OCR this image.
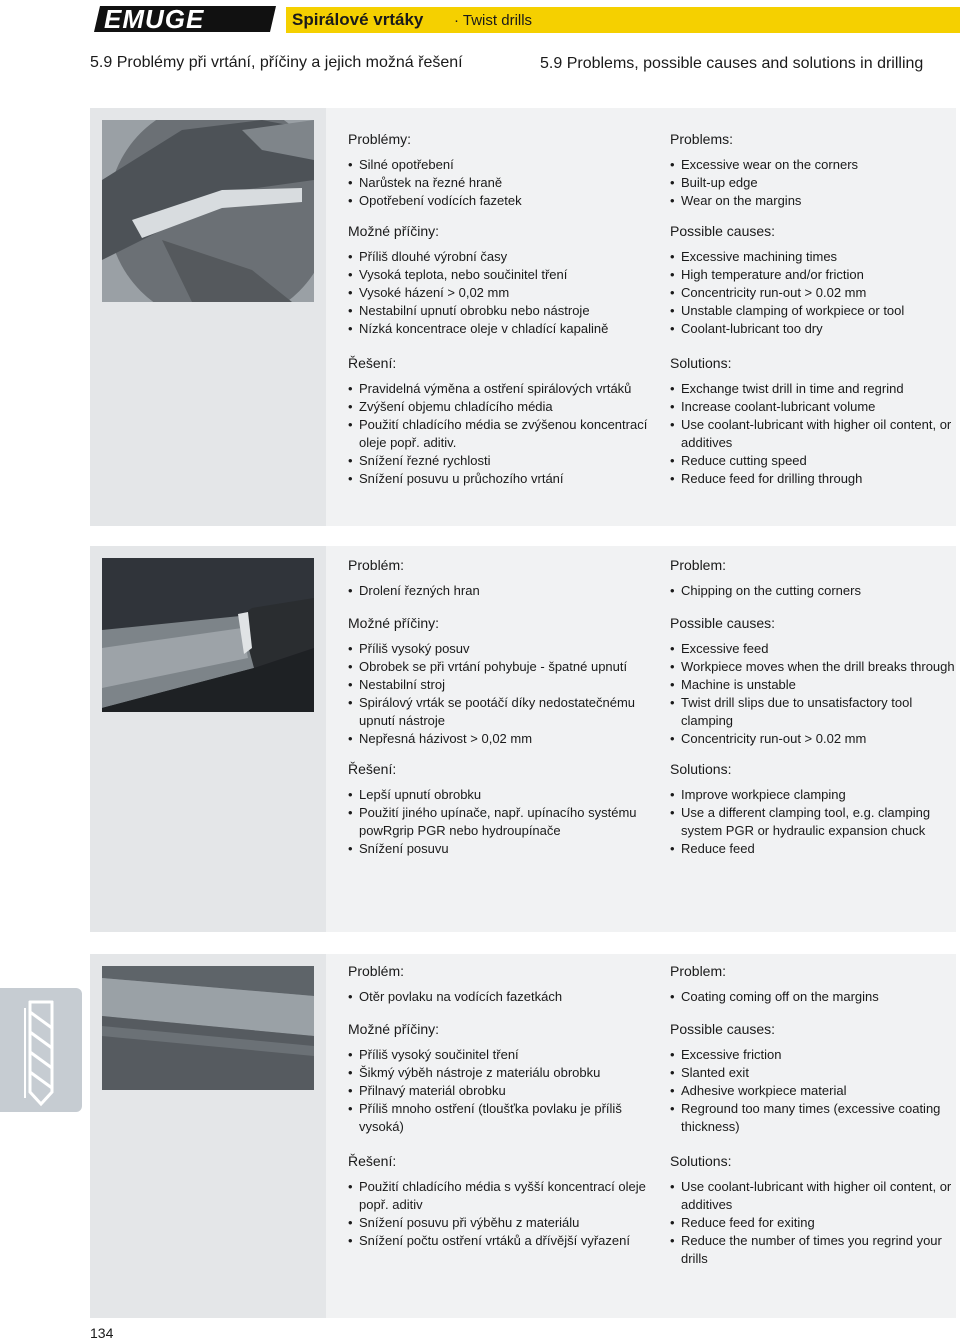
EMUGE	Spirálové vrtáky · Twist drills
5.9 Problémy při vrtání, příčiny a jejich možná řešení	5.9 Problems, possible causes and solutions in drilling
Problémy:
• Silné opotřebení
• Narůstek na řezné hraně
• Opotřebení vodících fazetek
Možné příčiny:
• Příliš dlouhé výrobní časy
• Vysoká teplota, nebo součinitel tření
• Vysoké házení > 0,02 mm
• Nestabilní upnutí obrobku nebo nástroje
• Nízká koncentrace oleje v chladící kapalině
Řešení:
• Pravidelná výměna a ostření spirálových vrtáků
• Zvýšení objemu chladícího média
• Použití chladícího média se zvýšenou koncentrací oleje popř. aditiv.
• Snížení řezné rychlosti
• Snížení posuvu u průchozího vrtání
Problems:
• Excessive wear on the corners
• Built-up edge
• Wear on the margins
Possible causes:
• Excessive machining times
• High temperature and/or friction
• Concentricity run-out > 0.02 mm
• Unstable clamping of workpiece or tool
• Coolant-lubricant too dry
Solutions:
• Exchange twist drill in time and regrind
• Increase coolant-lubricant volume
• Use coolant-lubricant with higher oil content, or additives
• Reduce cutting speed
• Reduce feed for drilling through
Problém:
• Drolení řezných hran
Možné příčiny:
• Příliš vysoký posuv
• Obrobek se při vrtání pohybuje - špatné upnutí
• Nestabilní stroj
• Spirálový vrták se pootáčí díky nedostatečnému upnutí nástroje
• Nepřesná házivost > 0,02 mm
Řešení:
• Lepší upnutí obrobku
• Použití jiného upínače, např. upínacího systému powRgrip PGR nebo hydroupínače
• Snížení posuvu
Problem:
• Chipping on the cutting corners
Possible causes:
• Excessive feed
• Workpiece moves when the drill breaks through
• Machine is unstable
• Twist drill slips due to unsatisfactory tool clamping
• Concentricity run-out > 0.02 mm
Solutions:
• Improve workpiece clamping
• Use a different clamping tool, e.g. clamping system PGR or hydraulic expansion chuck
• Reduce feed
Problém:
• Otěr povlaku na vodících fazetkách
Možné příčiny:
• Příliš vysoký součinitel tření
• Šikmý výběh nástroje z materiálu obrobku
• Přilnavý materiál obrobku
• Příliš mnoho ostření (tloušťka povlaku je příliš vysoká)
Řešení:
• Použití chladícího média s vyšší koncentrací oleje popř. aditiv
• Snížení posuvu při výběhu z materiálu
• Snížení počtu ostření vrtáků a dřívější vyřazení
Problem:
• Coating coming off on the margins
Possible causes:
• Excessive friction
• Slanted exit
• Adhesive workpiece material
• Reground too many times (excessive coating thickness)
Solutions:
• Use coolant-lubricant with higher oil content, or additives
• Reduce feed for exiting
• Reduce the number of times you regrind your drills
134
